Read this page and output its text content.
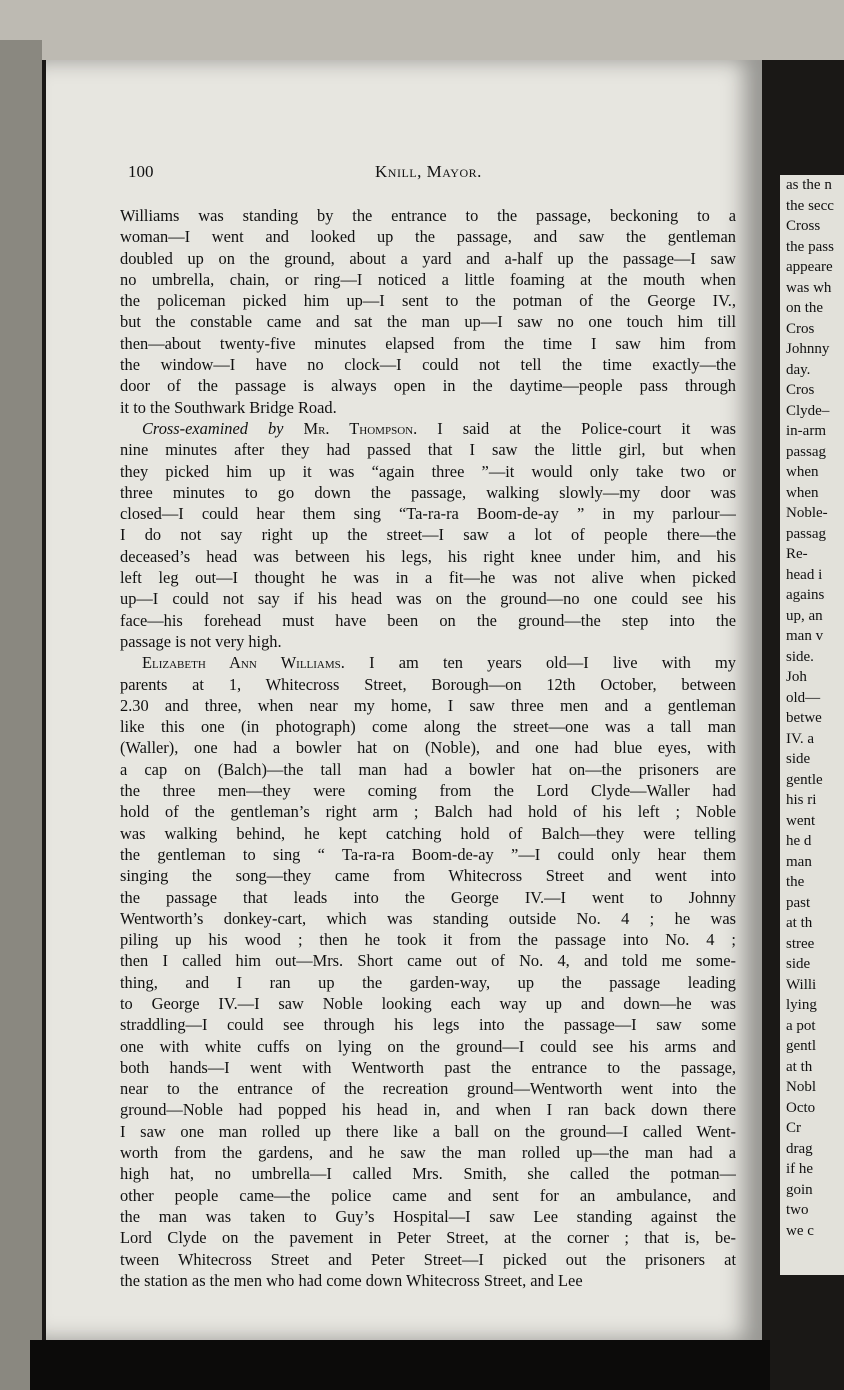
100	Knill, Mayor.
Williams was standing by the entrance to the passage, beckoning to a
woman—I went and looked up the passage, and saw the gentleman
doubled up on the ground, about a yard and a-half up the passage—I saw
no umbrella, chain, or ring—I noticed a little foaming at the mouth when
the policeman picked him up—I sent to the potman of the George IV.,
but the constable came and sat the man up—I saw no one touch him till
then—about twenty-five minutes elapsed from the time I saw him from
the window—I have no clock—I could not tell the time exactly—the
door of the passage is always open in the daytime—people pass through
it to the Southwark Bridge Road.
Cross-examined by Mr. Thompson. I said at the Police-court it was
nine minutes after they had passed that I saw the little girl, but when
they picked him up it was “again three ”—it would only take two or
three minutes to go down the passage, walking slowly—my door was
closed—I could hear them sing “Ta-ra-ra Boom-de-ay ” in my parlour—
I do not say right up the street—I saw a lot of people there—the
deceased’s head was between his legs, his right knee under him, and his
left leg out—I thought he was in a fit—he was not alive when picked
up—I could not say if his head was on the ground—no one could see his
face—his forehead must have been on the ground—the step into the
passage is not very high.
Elizabeth Ann Williams. I am ten years old—I live with my
parents at 1, Whitecross Street, Borough—on 12th October, between
2.30 and three, when near my home, I saw three men and a gentleman
like this one (in photograph) come along the street—one was a tall man
(Waller), one had a bowler hat on (Noble), and one had blue eyes, with
a cap on (Balch)—the tall man had a bowler hat on—the prisoners are
the three men—they were coming from the Lord Clyde—Waller had
hold of the gentleman’s right arm ; Balch had hold of his left ; Noble
was walking behind, he kept catching hold of Balch—they were telling
the gentleman to sing “ Ta-ra-ra Boom-de-ay ”—I could only hear them
singing the song—they came from Whitecross Street and went into
the passage that leads into the George IV.—I went to Johnny
Wentworth’s donkey-cart, which was standing outside No. 4 ; he was
piling up his wood ; then he took it from the passage into No. 4 ;
then I called him out—Mrs. Short came out of No. 4, and told me some-
thing, and I ran up the garden-way, up the passage leading
to George IV.—I saw Noble looking each way up and down—he was
straddling—I could see through his legs into the passage—I saw some
one with white cuffs on lying on the ground—I could see his arms and
both hands—I went with Wentworth past the entrance to the passage,
near to the entrance of the recreation ground—Wentworth went into the
ground—Noble had popped his head in, and when I ran back down there
I saw one man rolled up there like a ball on the ground—I called Went-
worth from the gardens, and he saw the man rolled up—the man had a
high hat, no umbrella—I called Mrs. Smith, she called the potman—
other people came—the police came and sent for an ambulance, and
the man was taken to Guy’s Hospital—I saw Lee standing against the
Lord Clyde on the pavement in Peter Street, at the corner ; that is, be-
tween Whitecross Street and Peter Street—I picked out the prisoners at
the station as the men who had come down Whitecross Street, and Lee
as the n
the secc
Cross
the pass
appeare
was wh
on the
Cros
Johnny
day.
Cros
Clyde–
in-arm
passag
when
when
Noble-
passag
Re-
head i
agains
up, an
man v
side.
Joh
old—
betwe
IV. a
side
gentle
his ri
went
he d
man
the
past
at th
stree
side
Willi
lying
a pot
gentl
at th
Nobl
Octo
Cr
drag
if he
goin
two
we c
